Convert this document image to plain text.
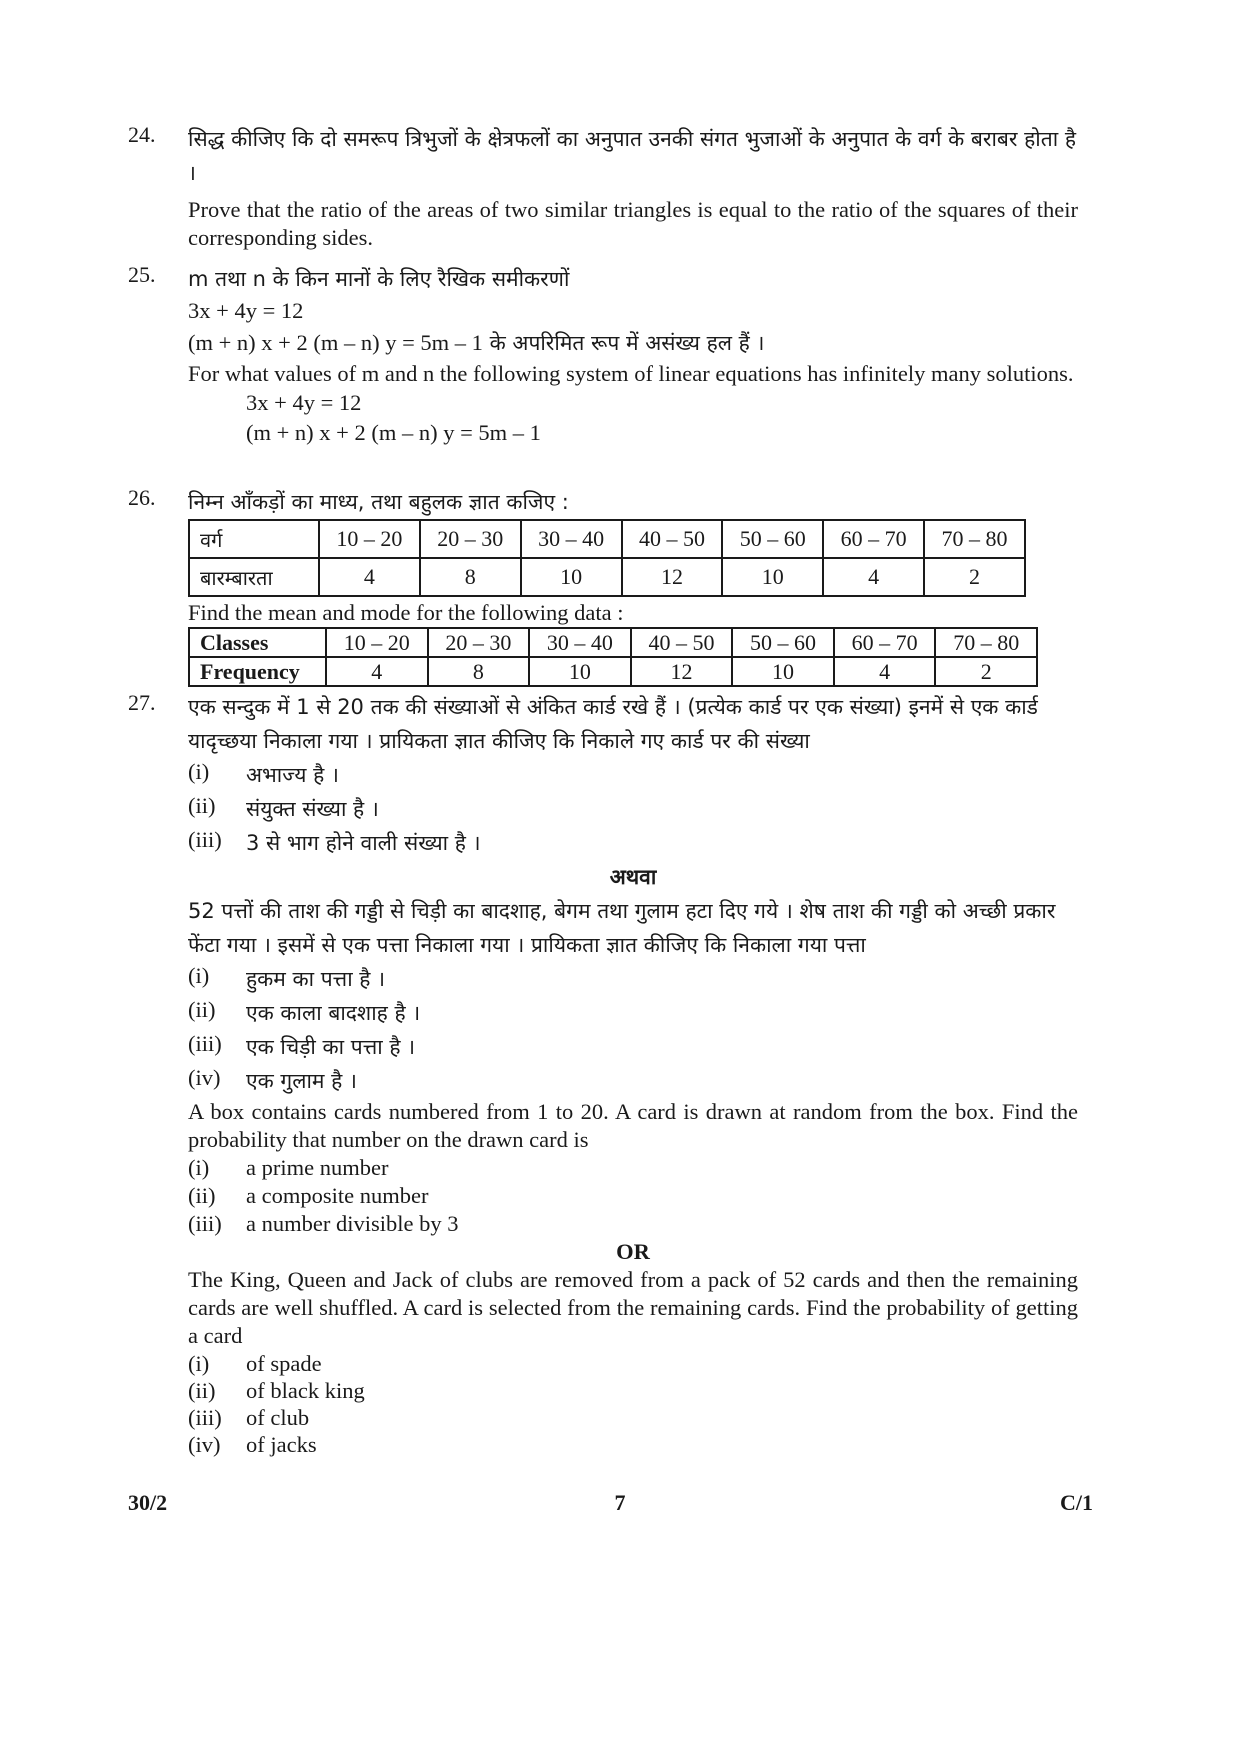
24. सिद्ध कीजिए कि दो समरूप त्रिभुजों के क्षेत्रफलों का अनुपात उनकी संगत भुजाओं के अनुपात के वर्ग के बराबर होता है ।
Prove that the ratio of the areas of two similar triangles is equal to the ratio of the squares of their corresponding sides.
25. m तथा n के किन मानों के लिए रैखिक समीकरणों
3x + 4y = 12
(m + n) x + 2 (m – n) y = 5m – 1 के अपरिमित रूप में असंख्य हल हैं ।
For what values of m and n the following system of linear equations has infinitely many solutions.
3x + 4y = 12
(m + n) x + 2 (m – n) y = 5m – 1
26. निम्न आँकड़ों का माध्य, तथा बहुलक ज्ञात कजिए :
वर्ग	10 – 20	20 – 30	30 – 40	40 – 50	50 – 60	60 – 70	70 – 80
बारम्बारता	4	8	10	12	10	4	2
Find the mean and mode for the following data :
Classes	10 – 20	20 – 30	30 – 40	40 – 50	50 – 60	60 – 70	70 – 80
Frequency	4	8	10	12	10	4	2
27. एक सन्दुक में 1 से 20 तक की संख्याओं से अंकित कार्ड रखे हैं । (प्रत्येक कार्ड पर एक संख्या) इनमें से एक कार्ड यादृच्छया निकाला गया । प्रायिकता ज्ञात कीजिए कि निकाले गए कार्ड पर की संख्या
(i)	अभाज्य है ।
(ii)	संयुक्त संख्या है ।
(iii)	3 से भाग होने वाली संख्या है ।
अथवा
52 पत्तों की ताश की गड्डी से चिड़ी का बादशाह, बेगम तथा गुलाम हटा दिए गये । शेष ताश की गड्डी को अच्छी प्रकार फेंटा गया । इसमें से एक पत्ता निकाला गया । प्रायिकता ज्ञात कीजिए कि निकाला गया पत्ता
(i)	हुकम का पत्ता है ।
(ii)	एक काला बादशाह है ।
(iii)	एक चिड़ी का पत्ता है ।
(iv)	एक गुलाम है ।
A box contains cards numbered from 1 to 20. A card is drawn at random from the box. Find the probability that number on the drawn card is
(i)	a prime number
(ii)	a composite number
(iii)	a number divisible by 3
OR
The King, Queen and Jack of clubs are removed from a pack of 52 cards and then the remaining cards are well shuffled. A card is selected from the remaining cards. Find the probability of getting a card
(i)	of spade
(ii)	of black king
(iii)	of club
(iv)	of jacks
30/2	7	C/1
